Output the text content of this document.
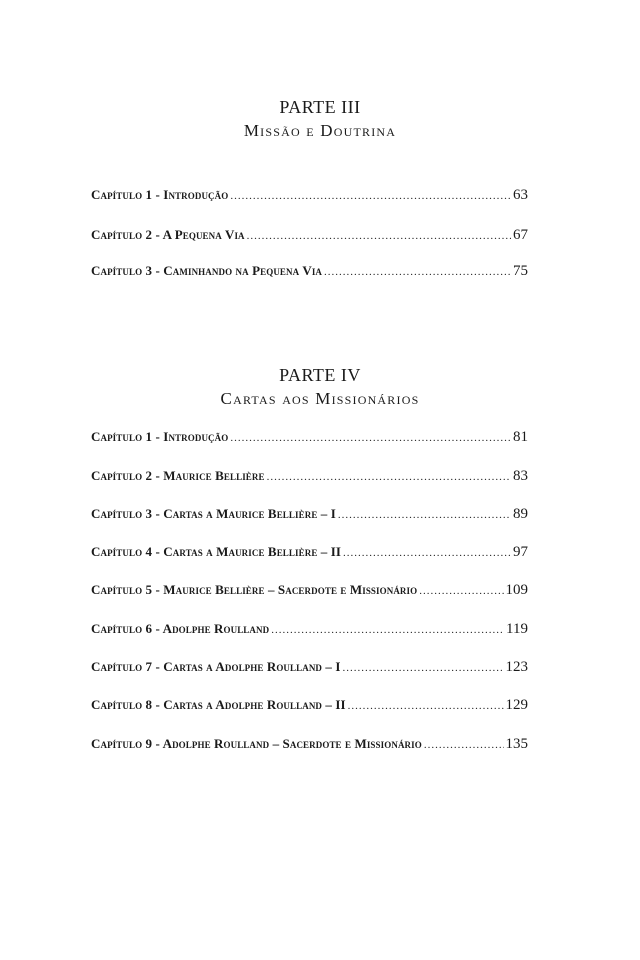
PARTE III
Missão e Doutrina
Capítulo 1 - Introdução .....	63
Capítulo 2 - A Pequena Via .....	67
Capítulo 3 - Caminhando na Pequena Via .....	75
PARTE IV
Cartas aos Missionários
Capítulo 1 - Introdução .....	81
Capítulo 2 - Maurice Bellière .....	83
Capítulo 3 - Cartas a Maurice Bellière – I .....	89
Capítulo 4 - Cartas a Maurice Bellière – II .....	97
Capítulo 5 - Maurice Bellière – Sacerdote e Missionário .....	109
Capítulo 6 - Adolphe Roulland .....	119
Capítulo 7 - Cartas a Adolphe Roulland – I .....	123
Capítulo 8 - Cartas a Adolphe Roulland – II .....	129
Capítulo 9 - Adolphe Roulland – Sacerdote e Missionário .....	135
